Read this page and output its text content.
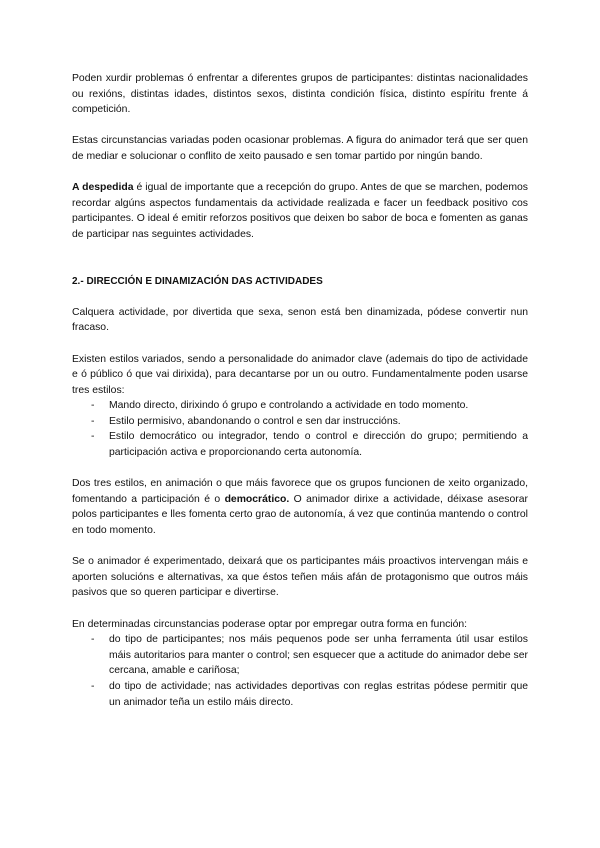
Poden xurdir problemas ó enfrentar a diferentes grupos de participantes: distintas nacionalidades ou rexións, distintas idades, distintos sexos, distinta condición física, distinto espíritu frente á competición.

Estas circunstancias variadas poden ocasionar problemas. A figura do animador terá que ser quen de mediar e solucionar o conflito de xeito pausado e sen tomar partido por ningún bando.

A despedida é igual de importante que a recepción do grupo. Antes de que se marchen, podemos recordar algúns aspectos fundamentais da actividade realizada e facer un feedback positivo cos participantes. O ideal é emitir reforzos positivos que deixen bo sabor de boca e fomenten as ganas de participar nas seguintes actividades.

2.- DIRECCIÓN E DINAMIZACIÓN DAS ACTIVIDADES

Calquera actividade, por divertida que sexa, senon está ben dinamizada, pódese convertir nun fracaso.

Existen estilos variados, sendo a personalidade do animador clave (ademais do tipo de actividade e ó público ó que vai dirixida), para decantarse por un ou outro. Fundamentalmente poden usarse tres estilos:

- Mando directo, dirixindo ó grupo e controlando a actividade en todo momento.
- Estilo permisivo, abandonando o control e sen dar instruccións.
- Estilo democrático ou integrador, tendo o control e dirección do grupo; permitiendo a participación activa e proporcionando certa autonomía.

Dos tres estilos, en animación o que máis favorece que os grupos funcionen de xeito organizado, fomentando a participación é o democrático. O animador dirixe a actividade, déixase asesorar polos participantes e lles fomenta certo grao de autonomía, á vez que continúa mantendo o control en todo momento.

Se o animador é experimentado, deixará que os participantes máis proactivos intervengan máis e aporten solucións e alternativas, xa que éstos teñen máis afán de protagonismo que outros máis pasivos que so queren participar e divertirse.

En determinadas circunstancias poderase optar por empregar outra forma en función:

- do tipo de participantes; nos máis pequenos pode ser unha ferramenta útil usar estilos máis autoritarios para manter o control; sen esquecer que a actitude do animador debe ser cercana, amable e cariñosa;
- do tipo de actividade; nas actividades deportivas con reglas estritas pódese permitir que un animador teña un estilo máis directo.
